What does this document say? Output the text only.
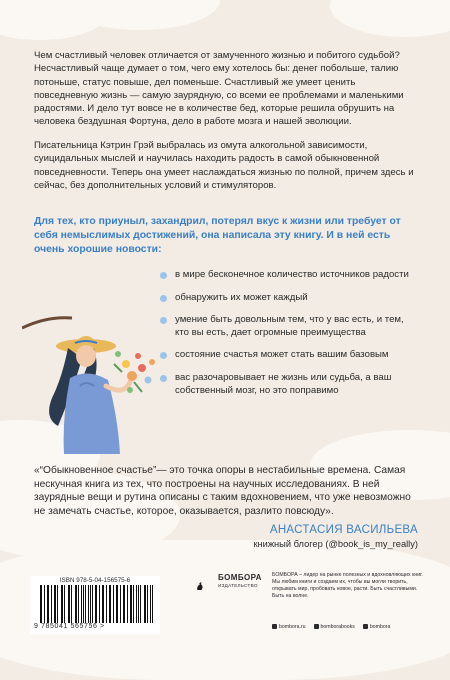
Чем счастливый человек отличается от замученного жизнью и побитого судьбой? Несчастливый чаще думает о том, чего ему хотелось бы: денег побольше, талию потоньше, статус повыше, дел поменьше. Счастливый же умеет ценить повседневную жизнь — самую заурядную, со всеми ее проблемами и маленькими радостями. И дело тут вовсе не в количестве бед, которые решила обрушить на человека бездушная Фортуна, дело в работе мозга и нашей эволюции.

Писательница Кэтрин Грэй выбралась из омута алкогольной зависимости, суицидальных мыслей и научилась находить радость в самой обыкновенной повседневности. Теперь она умеет наслаждаться жизнью по полной, причем здесь и сейчас, без дополнительных условий и стимуляторов.

Для тех, кто приуныл, захандрил, потерял вкус к жизни или требует от себя немыслимых достижений, она написала эту книгу. И в ней есть очень хорошие новости:

в мире бесконечное количество источников радости
обнаружить их может каждый
умение быть довольным тем, что у вас есть, и тем, кто вы есть, дает огромные преимущества
состояние счастья может стать вашим базовым
вас разочаровывает не жизнь или судьба, а ваш собственный мозг, но это поправимо

«“Обыкновенное счастье”— это точка опоры в нестабильные времена. Самая нескучная книга из тех, что построены на научных исследованиях. В ней заурядные вещи и рутина описаны с таким вдохновением, что уже невозможно не замечать счастье, которое, оказывается, разлито повсюду».

АНАСТАСИЯ ВАСИЛЬЕВА
книжный блогер (@book_is_my_really)
ISBN 978-5-04-156575-6
9 785041 565756 >
БОМБОРА
ИЗДАТЕЛЬСТВО

БОМБОРА – лидер на рынке полезных и вдохновляющих книг. Мы любим книги и создаем их, чтобы вы могли творить, открывать мир, пробовать новое, расти. Быть счастливыми. Быть на волне.

bombora.ru	bomborabooks	bombora
